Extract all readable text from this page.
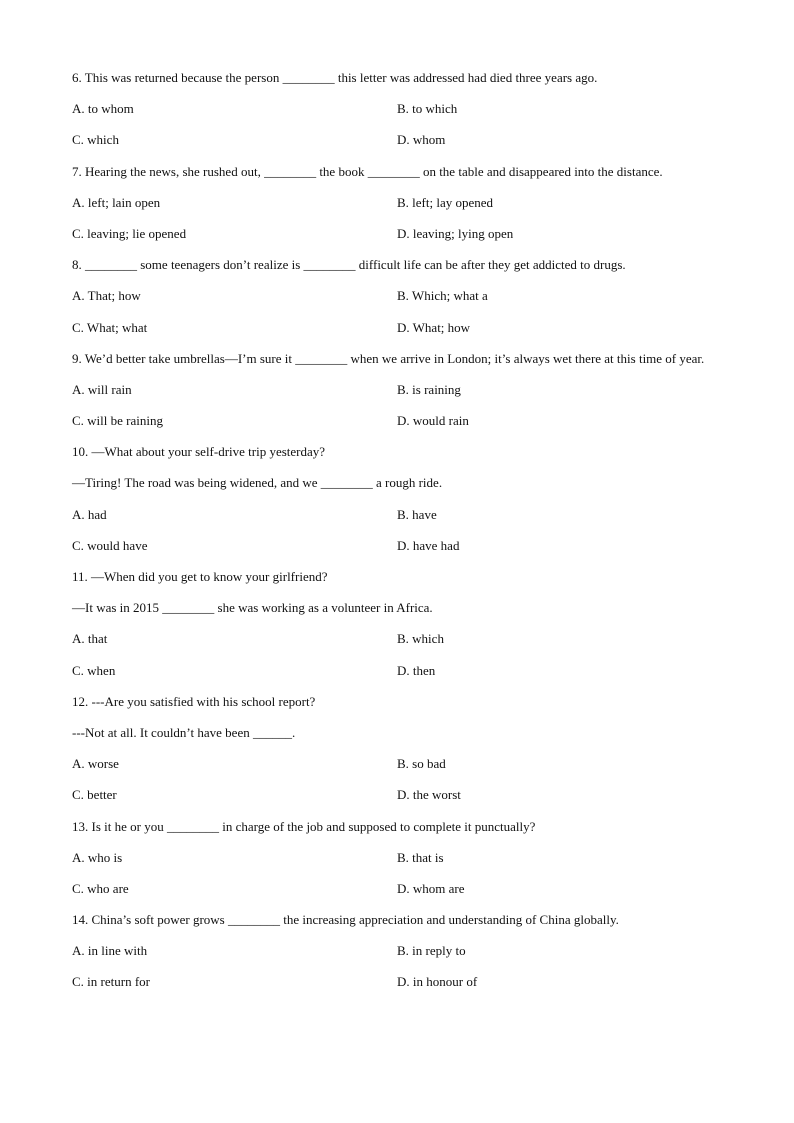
6. This was returned because the person ________ this letter was addressed had died three years ago.
A. to whom	B. to which
C. which	D. whom
7. Hearing the news, she rushed out, ________ the book ________ on the table and disappeared into the distance.
A. left; lain open	B. left; lay opened
C. leaving; lie opened	D. leaving; lying open
8. ________ some teenagers don’t realize is ________ difficult life can be after they get addicted to drugs.
A. That; how	B. Which; what a
C. What; what	D. What; how
9. We’d better take umbrellas—I’m sure it ________ when we arrive in London; it’s always wet there at this time of year.
A. will rain	B. is raining
C. will be raining	D. would rain
10. —What about your self-drive trip yesterday?
—Tiring! The road was being widened, and we ________ a rough ride.
A. had	B. have
C. would have	D. have had
11. —When did you get to know your girlfriend?
—It was in 2015 ________ she was working as a volunteer in Africa.
A. that	B. which
C. when	D. then
12. ---Are you satisfied with his school report?
---Not at all. It couldn’t have been ______.
A. worse	B. so bad
C. better	D. the worst
13. Is it he or you ________ in charge of the job and supposed to complete it punctually?
A. who is	B. that is
C. who are	D. whom are
14. China’s soft power grows ________ the increasing appreciation and understanding of China globally.
A. in line with	B. in reply to
C. in return for	D. in honour of
